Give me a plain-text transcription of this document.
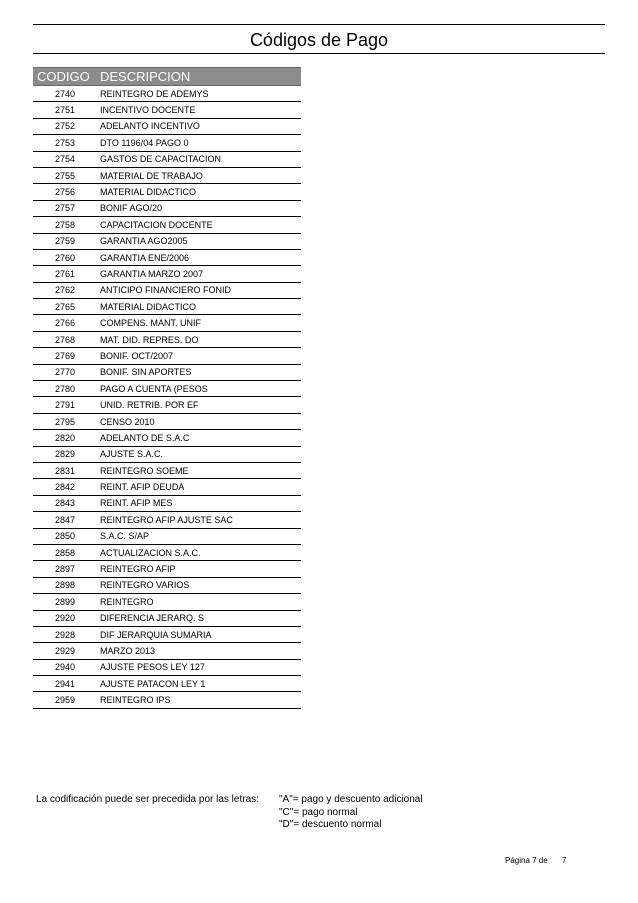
Códigos de Pago
CODIGO	DESCRIPCION
2740	REINTEGRO DE ADEMYS
2751	INCENTIVO DOCENTE
2752	ADELANTO INCENTIVO
2753	DTO 1196/04 PAGO 0
2754	GASTOS DE CAPACITACION
2755	MATERIAL DE TRABAJO
2756	MATERIAL DIDACTICO
2757	BONIF AGO/20
2758	CAPACITACION DOCENTE
2759	GARANTIA AGO2005
2760	GARANTIA ENE/2006
2761	GARANTIA MARZO 2007
2762	ANTICIPO FINANCIERO FONID
2765	MATERIAL DIDACTICO
2766	COMPENS. MANT. UNIF
2768	MAT. DID. REPRES. DO
2769	BONIF. OCT/2007
2770	BONIF. SIN APORTES
2780	PAGO A CUENTA (PESOS
2791	UNID. RETRIB. POR EF
2795	CENSO 2010
2820	ADELANTO DE S.A.C
2829	AJUSTE S.A.C.
2831	REINTEGRO SOEME
2842	REINT. AFIP DEUDA
2843	REINT. AFIP MES
2847	REINTEGRO AFIP AJUSTE SAC
2850	S.A.C. S/AP
2858	ACTUALIZACION S.A.C.
2897	REINTEGRO AFIP
2898	REINTEGRO VARIOS
2899	REINTEGRO
2920	DIFERENCIA JERARQ. S
2928	DIF JERARQUIA SUMARIA
2929	MARZO 2013
2940	AJUSTE PESOS LEY 127
2941	AJUSTE PATACON LEY 1
2959	REINTEGRO IPS
La codificación puede ser precedida por las letras: "A"= pago y descuento adicional
"C"= pago normal
"D"= descuento normal
Página 7 de 7
